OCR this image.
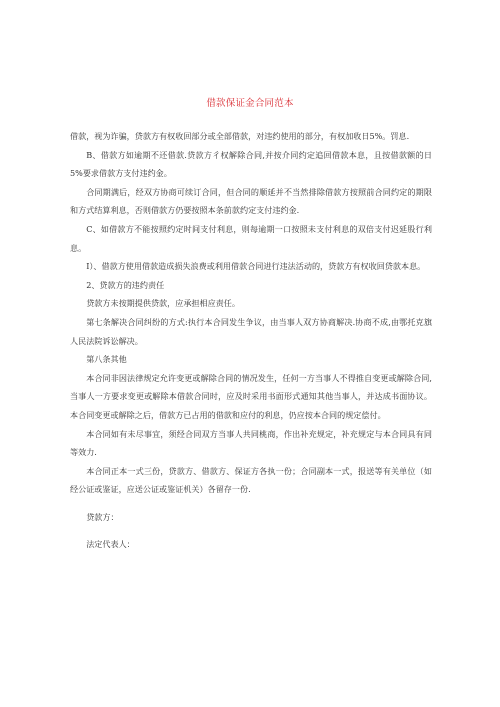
借款保证金合同范本

借款，视为诈骗，贷款方有权收回部分或全部借款，对违约使用的部分，有权加收日5%。罚息.

B、借款方如逾期不还借款.贷款方彳权解除合同,并按介同约定追回借款本息，且按借款额的日5%要求借款方支付违约金。

合同期满后，经双方协商可续订合同，但合同的顺延并不当然排除借款方按照前合同约定的期限和方式结算利息，否则借款方仍要按照本条前款约定支付违约金.

C、如借款方不能按照约定时间支付利息，则每逾期一口按照未支付利息的双倍支付迟延股行利息。

I）、借款方使用借款造成损失浪费或利用借款合同进行违法活动的，贷款方有权收回贷款本息。

2、贷款方的违约责任

贷款方未按期提供贷款，应承担相应责任。

第七条解决合同纠纷的方式:执行本合同发生争议，由当事人双方协商解决.协商不成,由鄂托克旗人民法院诉讼解决。

第八条其他

本合同非因法律规定允许变更或解除合同的情况发生，任何一方当事人不得推自变更或解除合同,当事人一方要求变更或解除本借款合同时，应及时采用书面形式通知其他当事人，并达成书面协议。本合同变更或解除之后，借款方已占用的借款和应付的利息，仍应按本合同的规定偿付。

本合同如有未尽事宜，须经合同双方当事人共同桃商，作出补充规定，补充规定与本合同具有同等效力.

本合同正本一式三份，贷款方、借款方、保证方各执一份；合同副本一式，报送等有关单位（如经公证或鉴证，应送公证或鉴证机关）各留存一份.

贷款方：

法定代表人：
